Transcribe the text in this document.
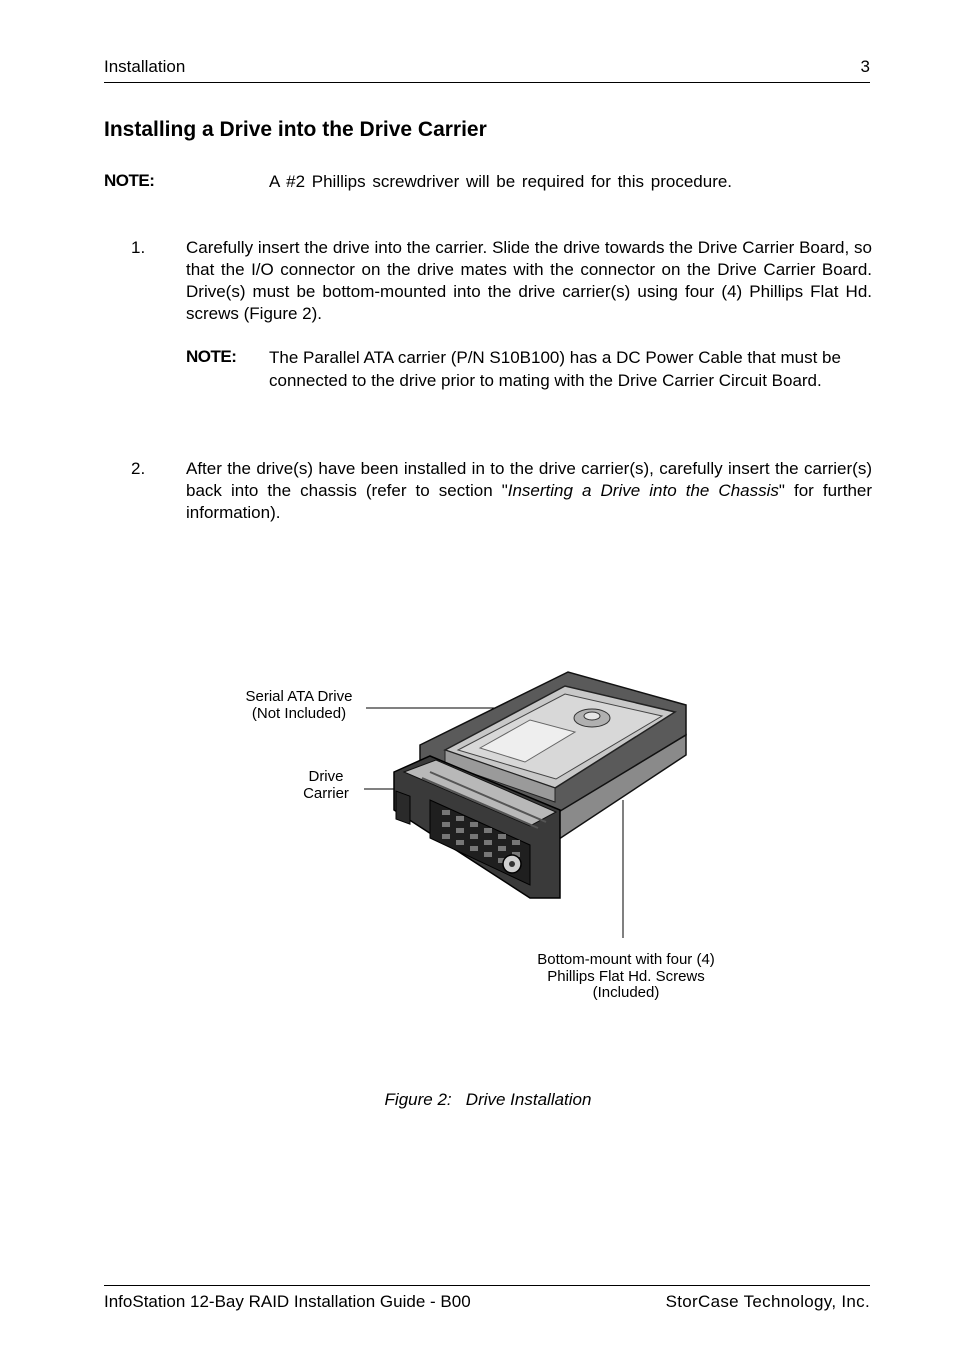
Installation	3
Installing a Drive into the Drive Carrier
NOTE:	A #2 Phillips screwdriver will be required for this procedure.
1. Carefully insert the drive into the carrier. Slide the drive towards the Drive Carrier Board, so that the I/O connector on the drive mates with the connector on the Drive Carrier Board. Drive(s) must be bottom-mounted into the drive carrier(s) using four (4) Phillips Flat Hd. screws (Figure 2).
NOTE: The Parallel ATA carrier (P/N S10B100) has a DC Power Cable that must be connected to the drive prior to mating with the Drive Carrier Circuit Board.
2. After the drive(s) have been installed in to the drive carrier(s), carefully insert the carrier(s) back into the chassis (refer to section "Inserting a Drive into the Chassis" for further information).
Serial ATA Drive
(Not Included)
Drive
Carrier
Bottom-mount with four (4)
Phillips Flat Hd. Screws
(Included)
Figure 2:   Drive Installation
InfoStation 12-Bay RAID Installation Guide - B00	StorCase Technology, Inc.
